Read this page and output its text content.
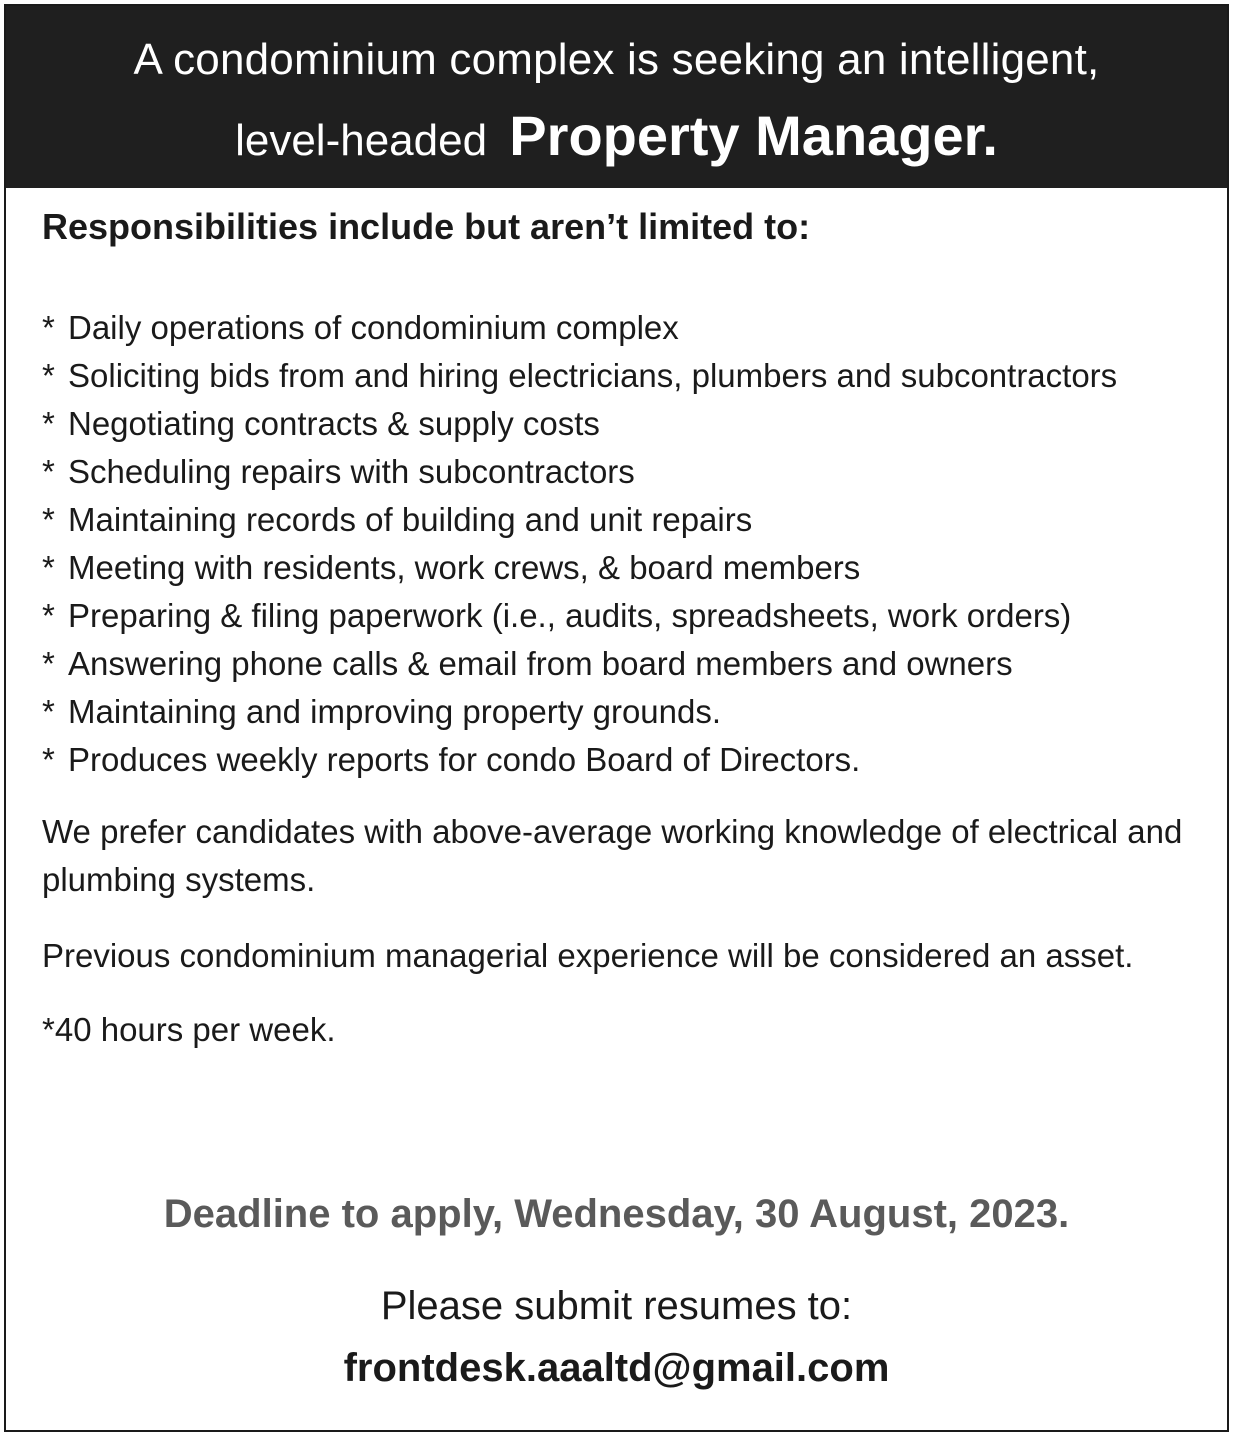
A condominium complex is seeking an intelligent,
level-headed Property Manager.
Responsibilities include but aren’t limited to:
* Daily operations of condominium complex
* Soliciting bids from and hiring electricians, plumbers and subcontractors
* Negotiating contracts & supply costs
* Scheduling repairs with subcontractors
* Maintaining records of building and unit repairs
* Meeting with residents, work crews, & board members
* Preparing & filing paperwork (i.e., audits, spreadsheets, work orders)
* Answering phone calls & email from board members and owners
* Maintaining and improving property grounds.
* Produces weekly reports for condo Board of Directors.

We prefer candidates with above-average working knowledge of electrical and plumbing systems.

Previous condominium managerial experience will be considered an asset.

*40 hours per week.

Deadline to apply, Wednesday, 30 August, 2023.
Please submit resumes to:
frontdesk.aaaltd@gmail.com
